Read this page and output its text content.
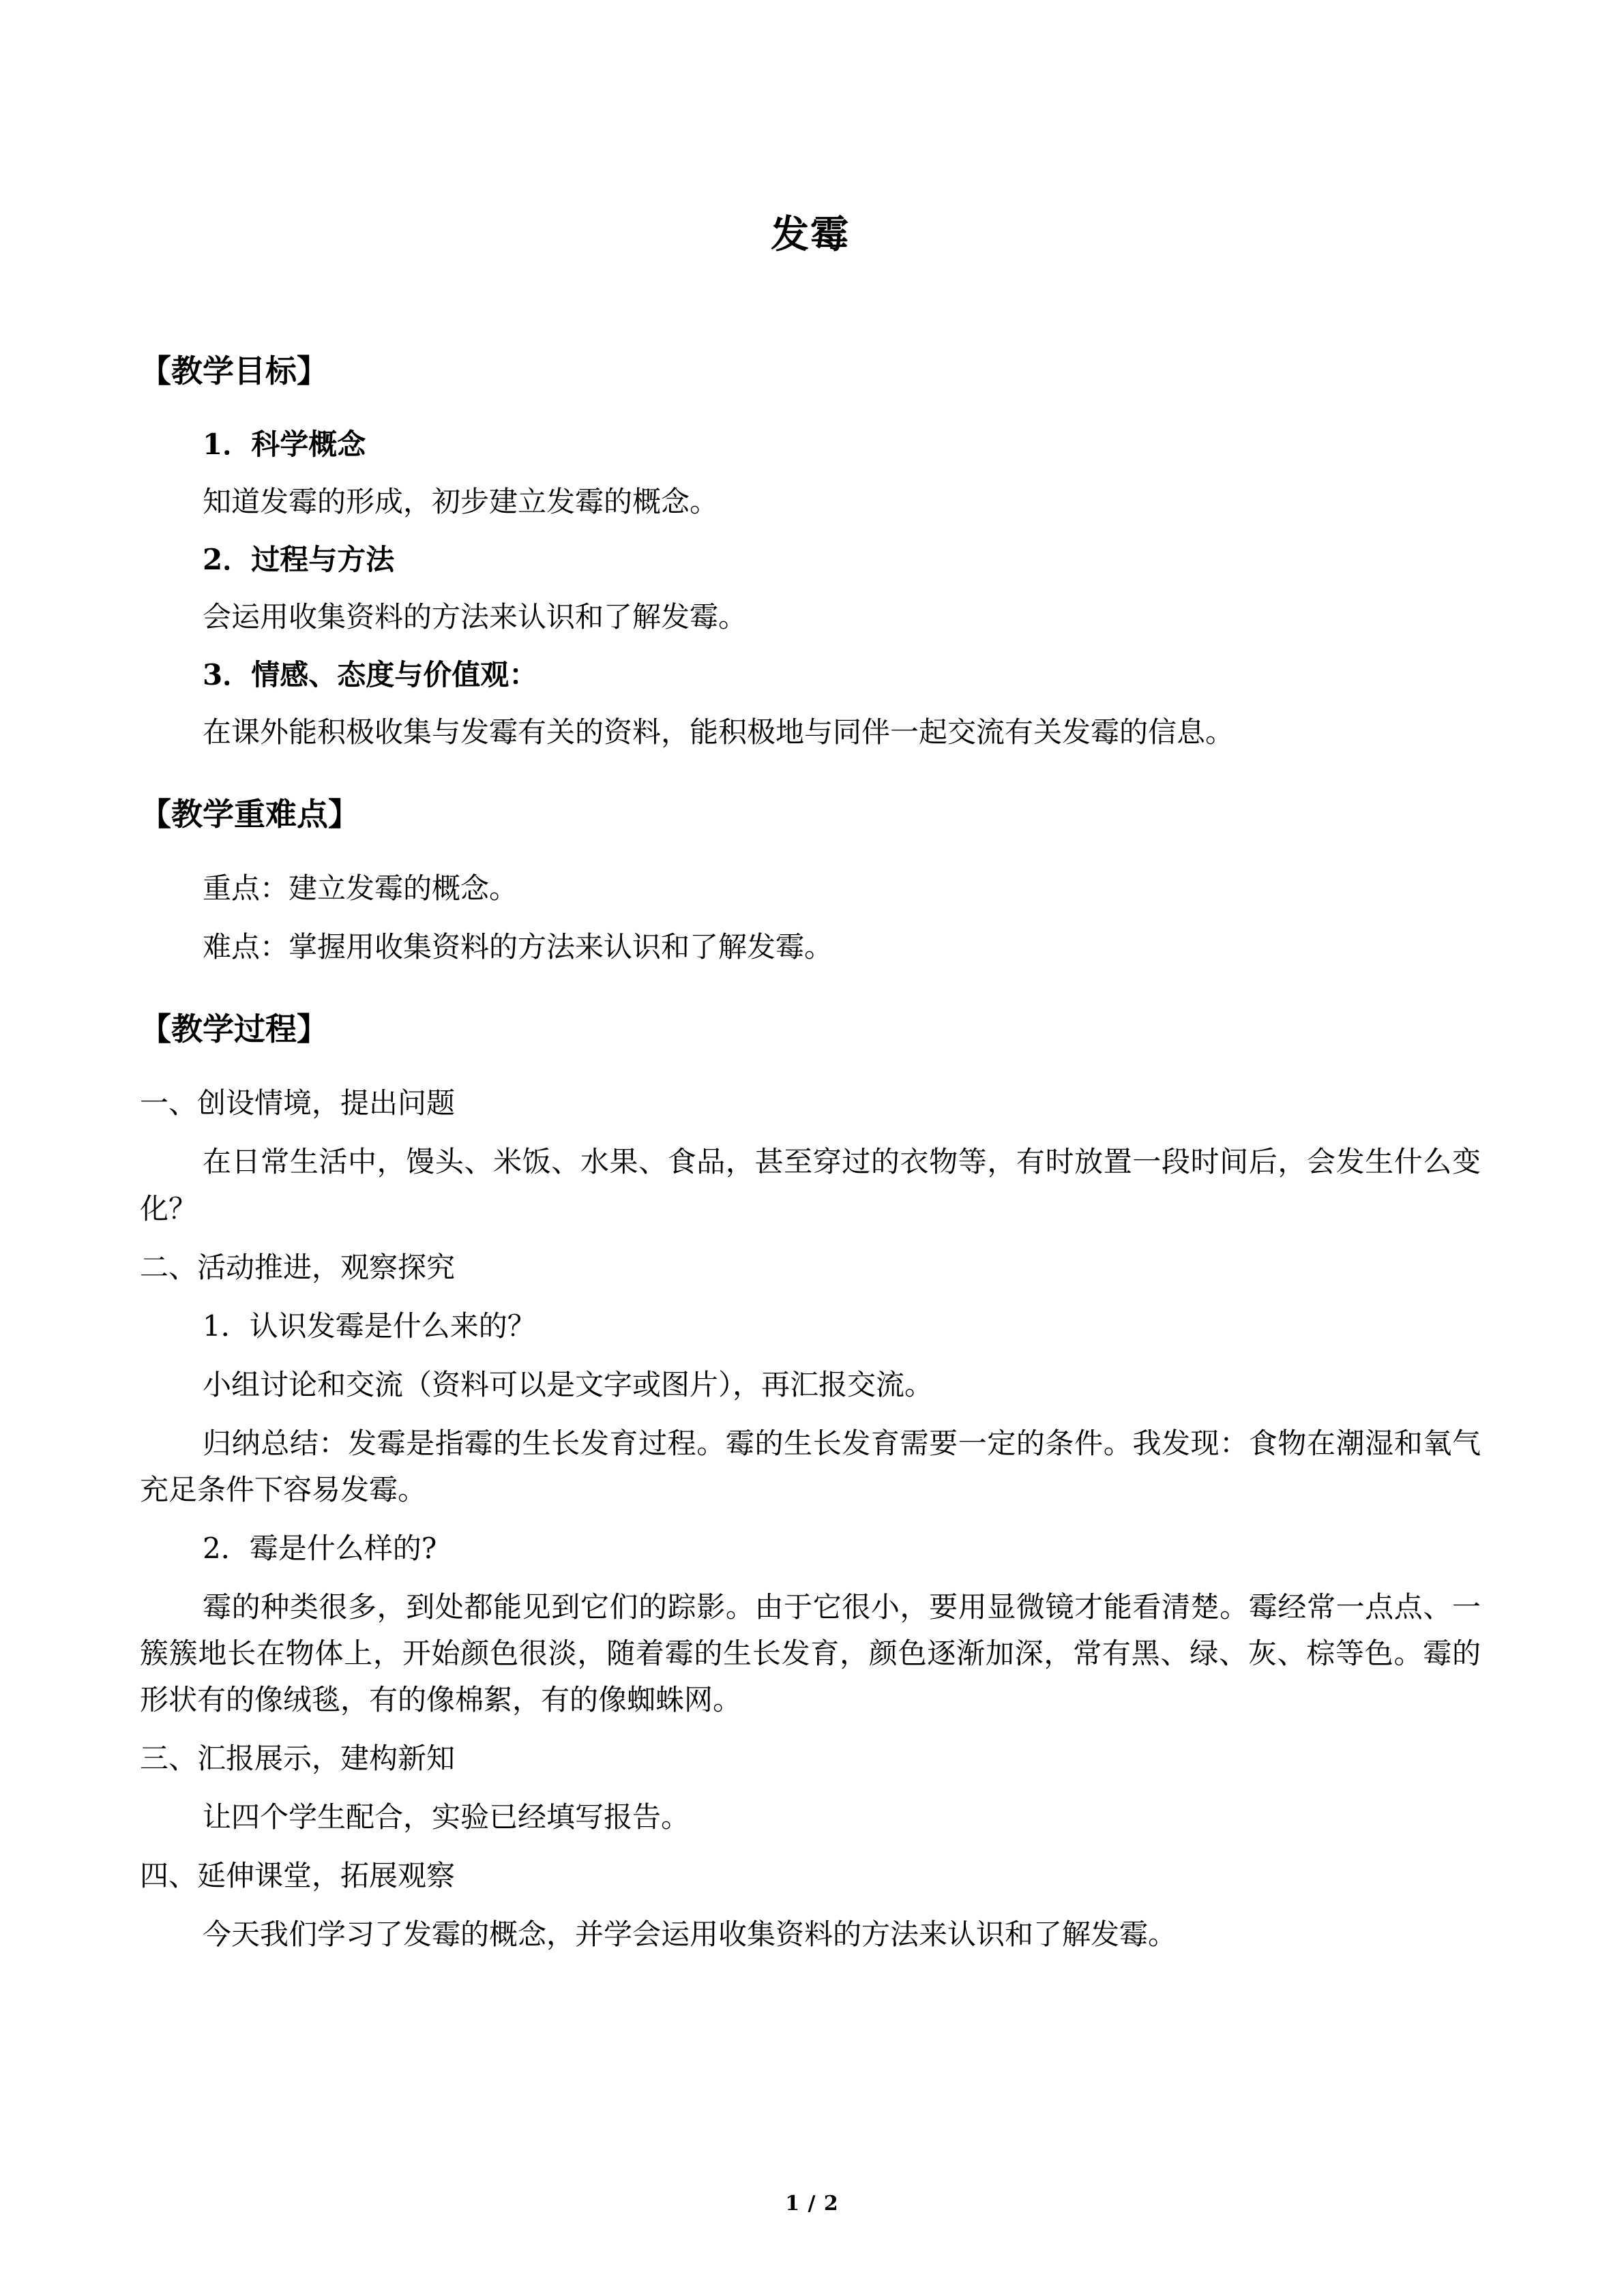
发霉
【教学目标】
1．科学概念
知道发霉的形成，初步建立发霉的概念。
2．过程与方法
会运用收集资料的方法来认识和了解发霉。
3．情感、态度与价值观：
在课外能积极收集与发霉有关的资料，能积极地与同伴一起交流有关发霉的信息。
【教学重难点】
重点：建立发霉的概念。
难点：掌握用收集资料的方法来认识和了解发霉。
【教学过程】
一、创设情境，提出问题
在日常生活中，馒头、米饭、水果、食品，甚至穿过的衣物等，有时放置一段时间后，会发生什么变化？
二、活动推进，观察探究
1．认识发霉是什么来的？
小组讨论和交流（资料可以是文字或图片），再汇报交流。
归纳总结：发霉是指霉的生长发育过程。霉的生长发育需要一定的条件。我发现：食物在潮湿和氧气充足条件下容易发霉。
2．霉是什么样的?
霉的种类很多，到处都能见到它们的踪影。由于它很小，要用显微镜才能看清楚。霉经常一点点、一簇簇地长在物体上，开始颜色很淡，随着霉的生长发育，颜色逐渐加深，常有黑、绿、灰、棕等色。霉的形状有的像绒毯，有的像棉絮，有的像蜘蛛网。
三、汇报展示，建构新知
让四个学生配合，实验已经填写报告。
四、延伸课堂，拓展观察
今天我们学习了发霉的概念，并学会运用收集资料的方法来认识和了解发霉。
1 / 2
